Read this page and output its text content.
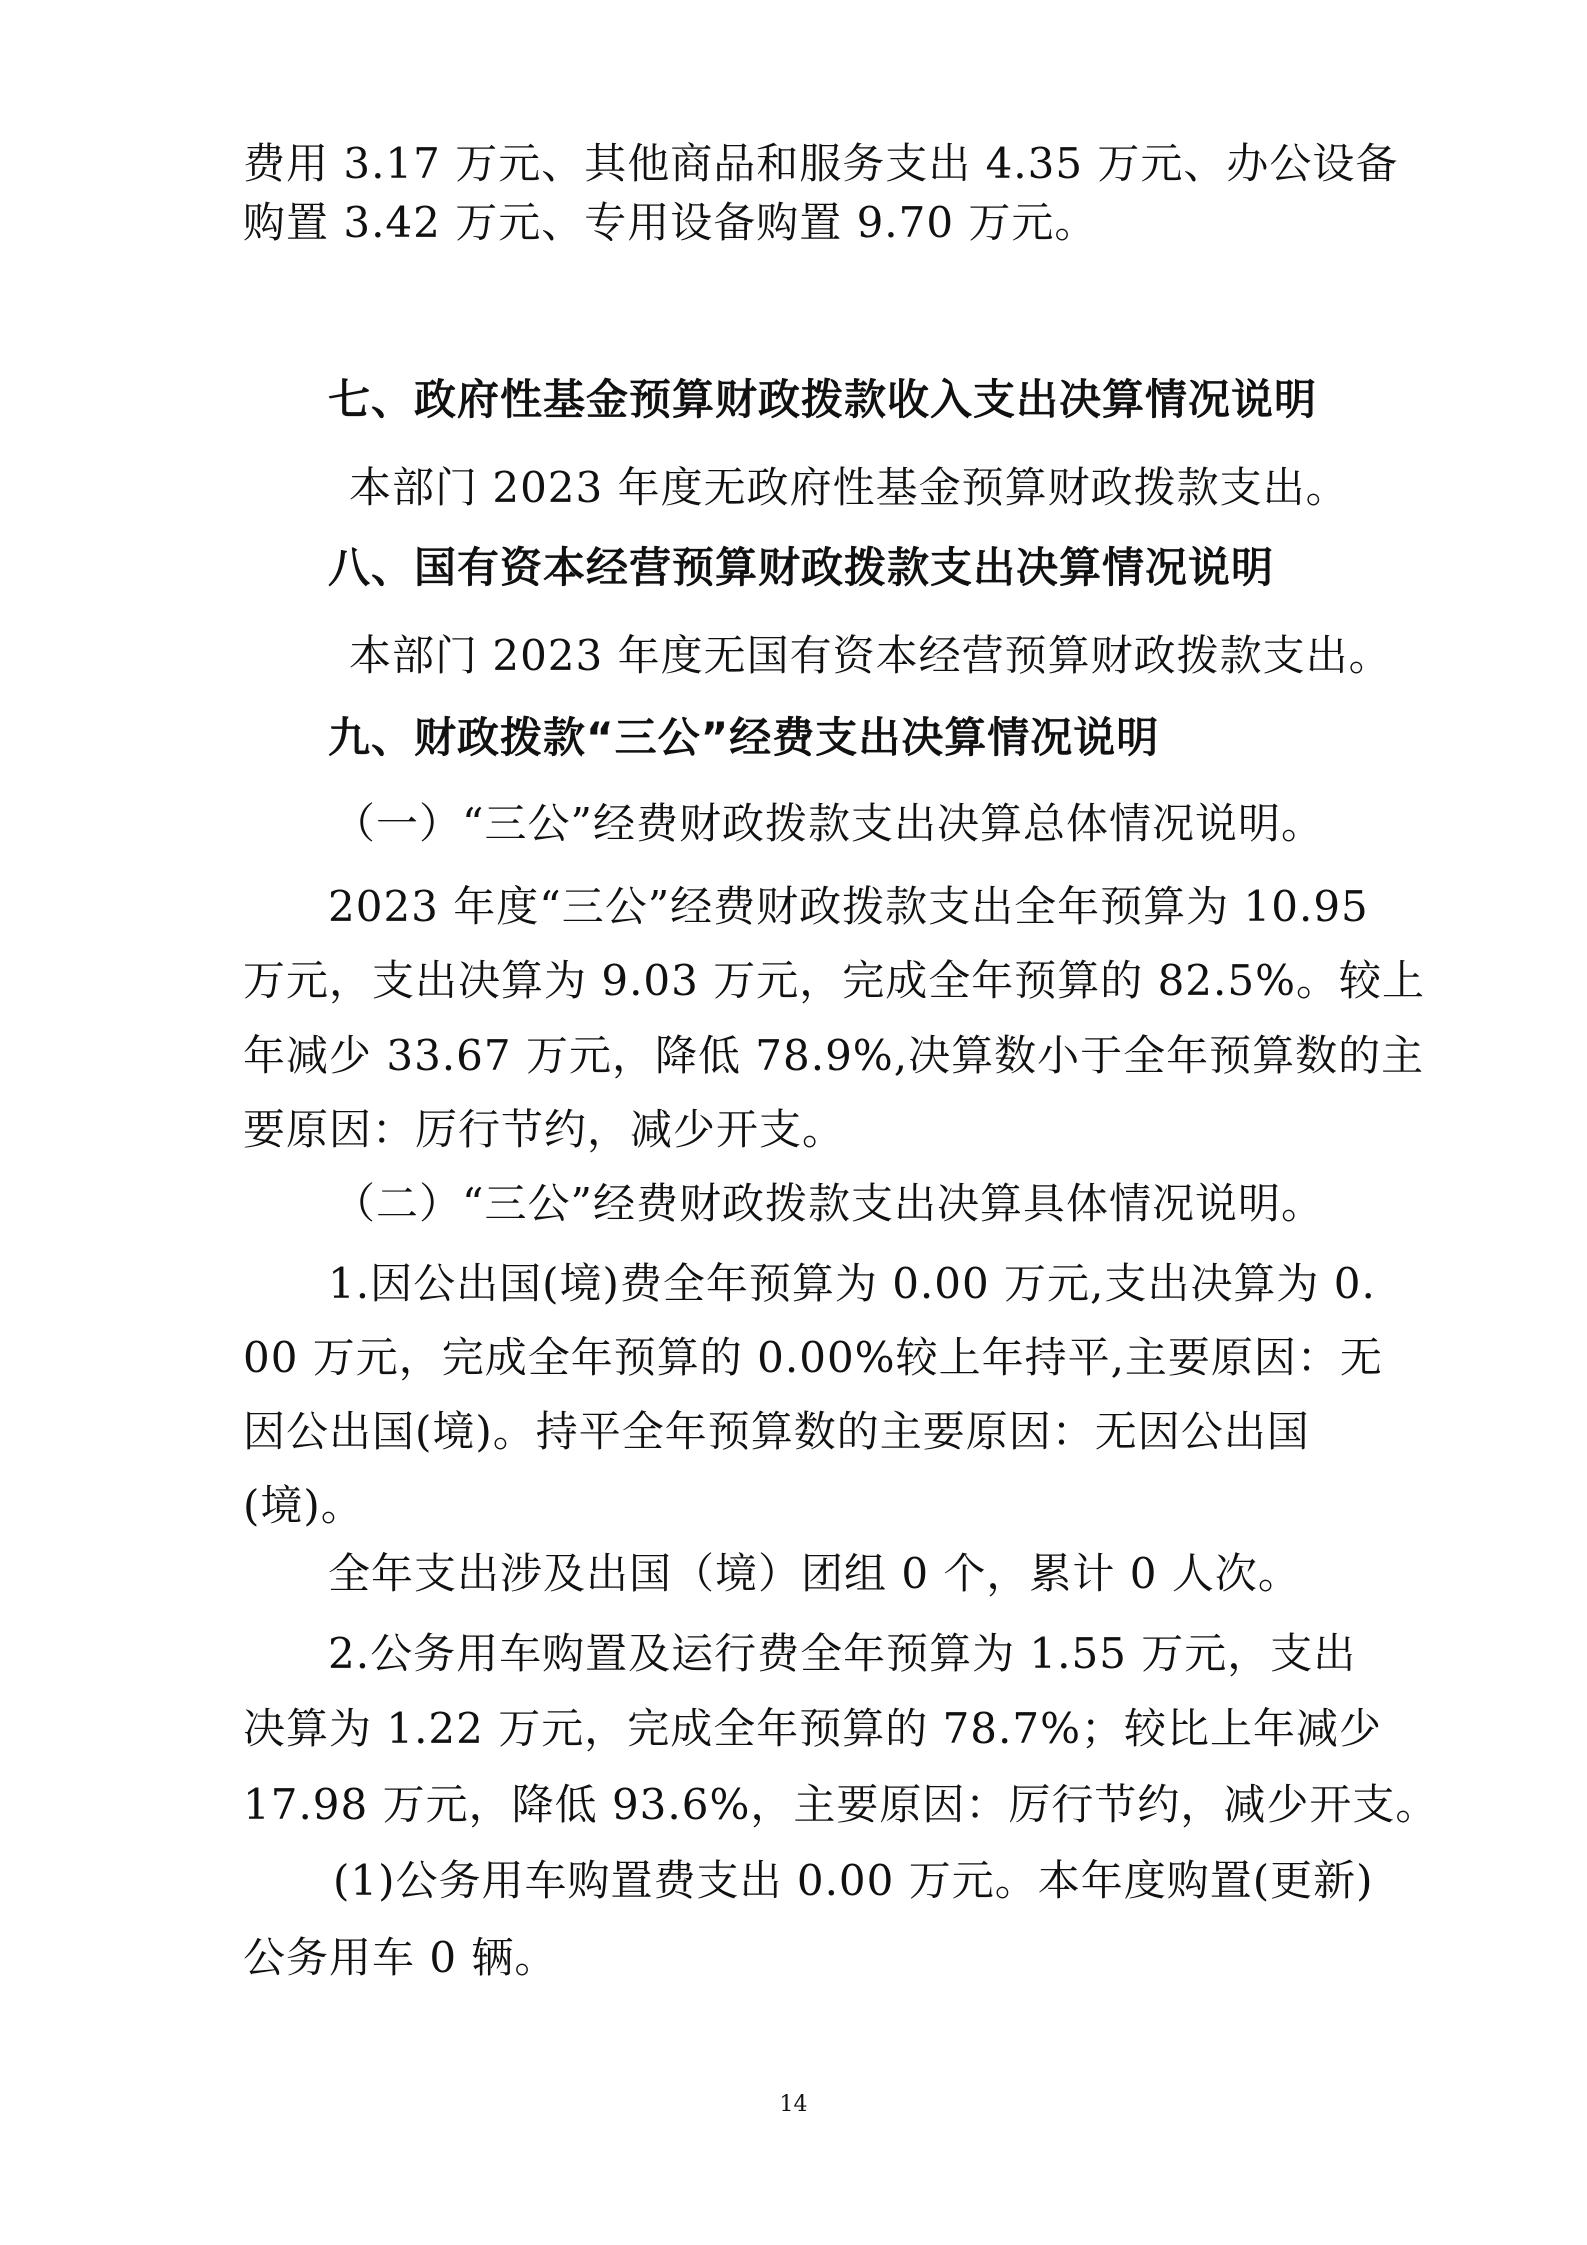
费用 3.17 万元、其他商品和服务支出 4.35 万元、办公设备
购置 3.42 万元、专用设备购置 9.70 万元。
七、政府性基金预算财政拨款收入支出决算情况说明
本部门 2023 年度无政府性基金预算财政拨款支出。
八、国有资本经营预算财政拨款支出决算情况说明
本部门 2023 年度无国有资本经营预算财政拨款支出。
九、财政拨款“三公”经费支出决算情况说明
（一）“三公”经费财政拨款支出决算总体情况说明。
2023 年度“三公”经费财政拨款支出全年预算为 10.95
万元，支出决算为 9.03 万元，完成全年预算的 82.5%。较上
年减少 33.67 万元，降低 78.9%,决算数小于全年预算数的主
要原因：厉行节约，减少开支。
（二）“三公”经费财政拨款支出决算具体情况说明。
1.因公出国(境)费全年预算为 0.00 万元,支出决算为 0.
00 万元，完成全年预算的 0.00%较上年持平,主要原因：无
因公出国(境)。持平全年预算数的主要原因：无因公出国
(境)。
全年支出涉及出国（境）团组 0 个，累计 0 人次。
2.公务用车购置及运行费全年预算为 1.55 万元，支出
决算为 1.22 万元，完成全年预算的 78.7%；较比上年减少
17.98 万元，降低 93.6%，主要原因：厉行节约，减少开支。
(1)公务用车购置费支出 0.00 万元。本年度购置(更新)
公务用车 0 辆。
14
